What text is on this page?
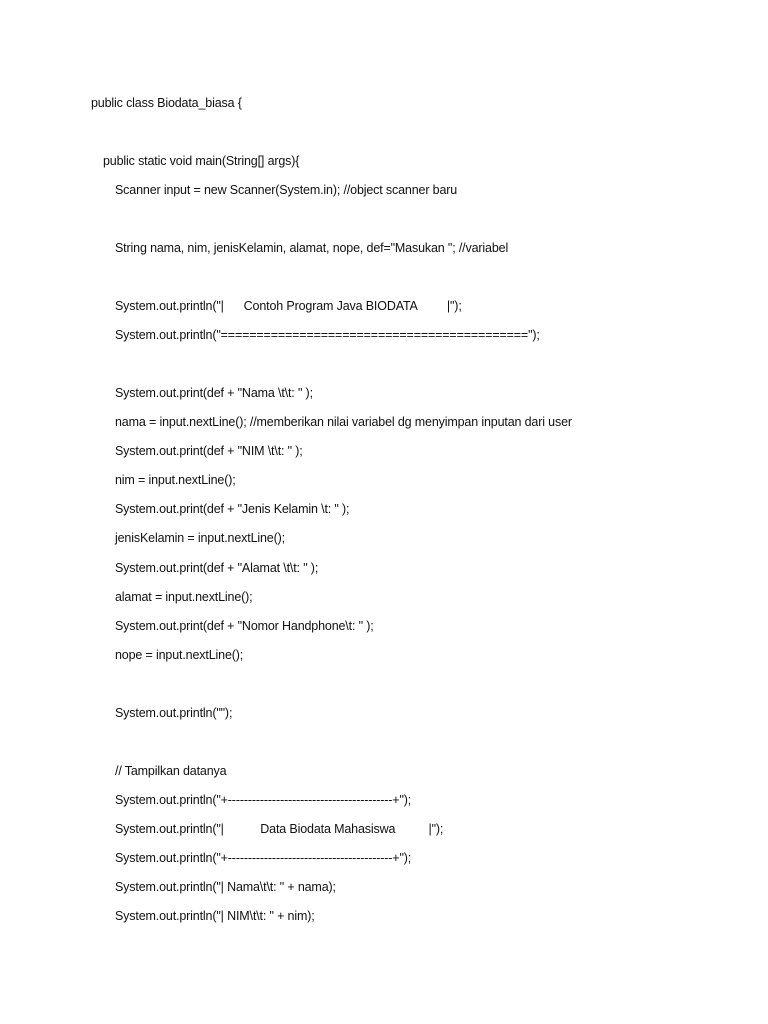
public class Biodata_biasa {
public static void main(String[] args){
Scanner input = new Scanner(System.in); //object scanner baru
String nama, nim, jenisKelamin, alamat, nope, def="Masukan "; //variabel
System.out.println("|      Contoh Program Java BIODATA         |");
System.out.println("===========================================");
System.out.print(def + "Nama \t\t: " );
nama = input.nextLine(); //memberikan nilai variabel dg menyimpan inputan dari user
System.out.print(def + "NIM \t\t: " );
nim = input.nextLine();
System.out.print(def + "Jenis Kelamin \t: " );
jenisKelamin = input.nextLine();
System.out.print(def + "Alamat \t\t: " );
alamat = input.nextLine();
System.out.print(def + "Nomor Handphone\t: " );
nope = input.nextLine();
System.out.println("");
// Tampilkan datanya
System.out.println("+-----------------------------------------+");
System.out.println("|           Data Biodata Mahasiswa          |");
System.out.println("+-----------------------------------------+");
System.out.println("| Nama\t\t: " + nama);
System.out.println("| NIM\t\t: " + nim);
